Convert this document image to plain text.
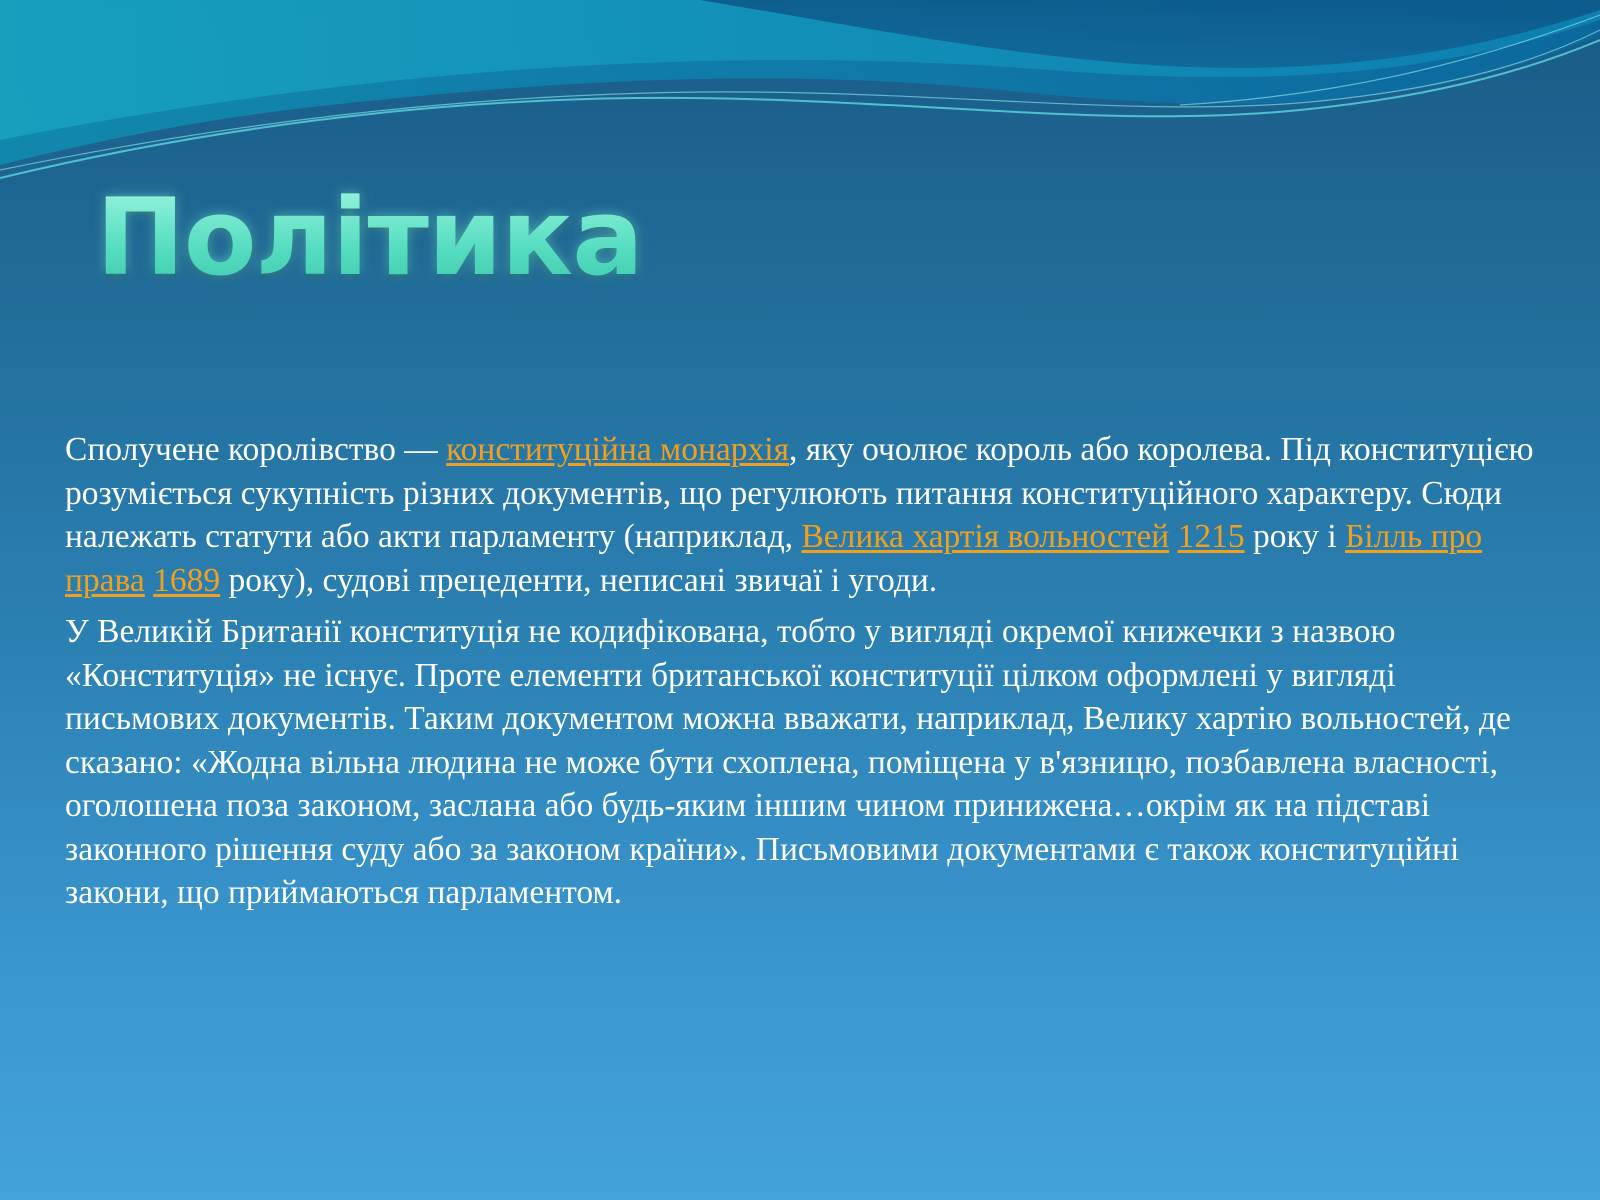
Політика

Сполучене королівство — конституційна монархія, яку очолює король або королева. Під конституцією розуміється сукупність різних документів, що регулюють питання конституційного характеру. Сюди належать статути або акти парламенту (наприклад, Велика хартія вольностей 1215 року і Білль про права 1689 року), судові прецеденти, неписані звичаї і угоди.

У Великій Британії конституція не кодифікована, тобто у вигляді окремої книжечки з назвою «Конституція» не існує. Проте елементи британської конституції цілком оформлені у вигляді письмових документів. Таким документом можна вважати, наприклад, Велику хартію вольностей, де сказано: «Жодна вільна людина не може бути схоплена, поміщена у в'язницю, позбавлена власності, оголошена поза законом, заслана або будь-яким іншим чином принижена…окрім як на підставі законного рішення суду або за законом країни». Письмовими документами є також конституційні закони, що приймаються парламентом.
